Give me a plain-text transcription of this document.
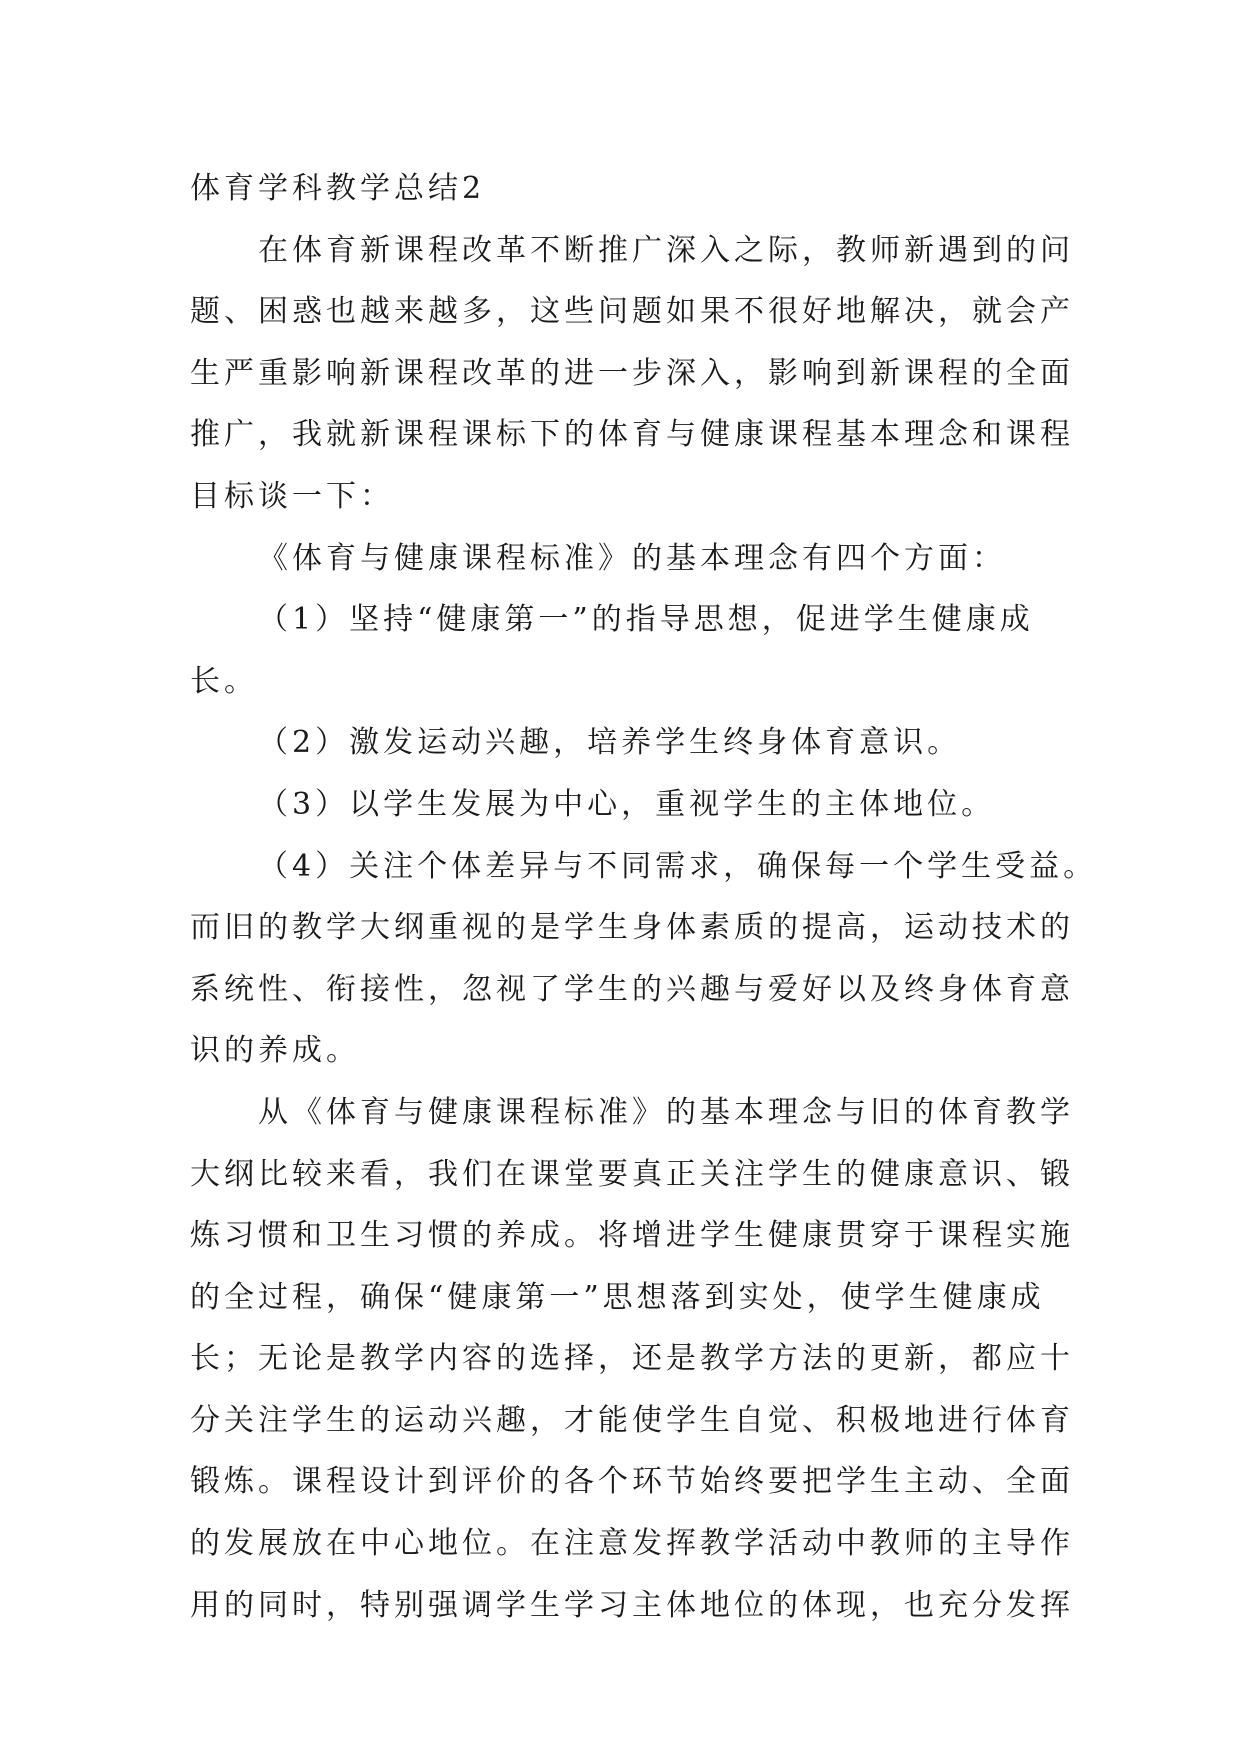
体育学科教学总结2
在体育新课程改革不断推广深入之际，教师新遇到的问
题、困惑也越来越多，这些问题如果不很好地解决，就会产
生严重影响新课程改革的进一步深入，影响到新课程的全面
推广，我就新课程课标下的体育与健康课程基本理念和课程
目标谈一下：
《体育与健康课程标准》的基本理念有四个方面：
（1）坚持“健康第一”的指导思想，促进学生健康成
长。
（2）激发运动兴趣，培养学生终身体育意识。
（3）以学生发展为中心，重视学生的主体地位。
（4）关注个体差异与不同需求，确保每一个学生受益。
而旧的教学大纲重视的是学生身体素质的提高，运动技术的
系统性、衔接性，忽视了学生的兴趣与爱好以及终身体育意
识的养成。
从《体育与健康课程标准》的基本理念与旧的体育教学
大纲比较来看，我们在课堂要真正关注学生的健康意识、锻
炼习惯和卫生习惯的养成。将增进学生健康贯穿于课程实施
的全过程，确保“健康第一”思想落到实处，使学生健康成
长；无论是教学内容的选择，还是教学方法的更新，都应十
分关注学生的运动兴趣，才能使学生自觉、积极地进行体育
锻炼。课程设计到评价的各个环节始终要把学生主动、全面
的发展放在中心地位。在注意发挥教学活动中教师的主导作
用的同时，特别强调学生学习主体地位的体现，也充分发挥
